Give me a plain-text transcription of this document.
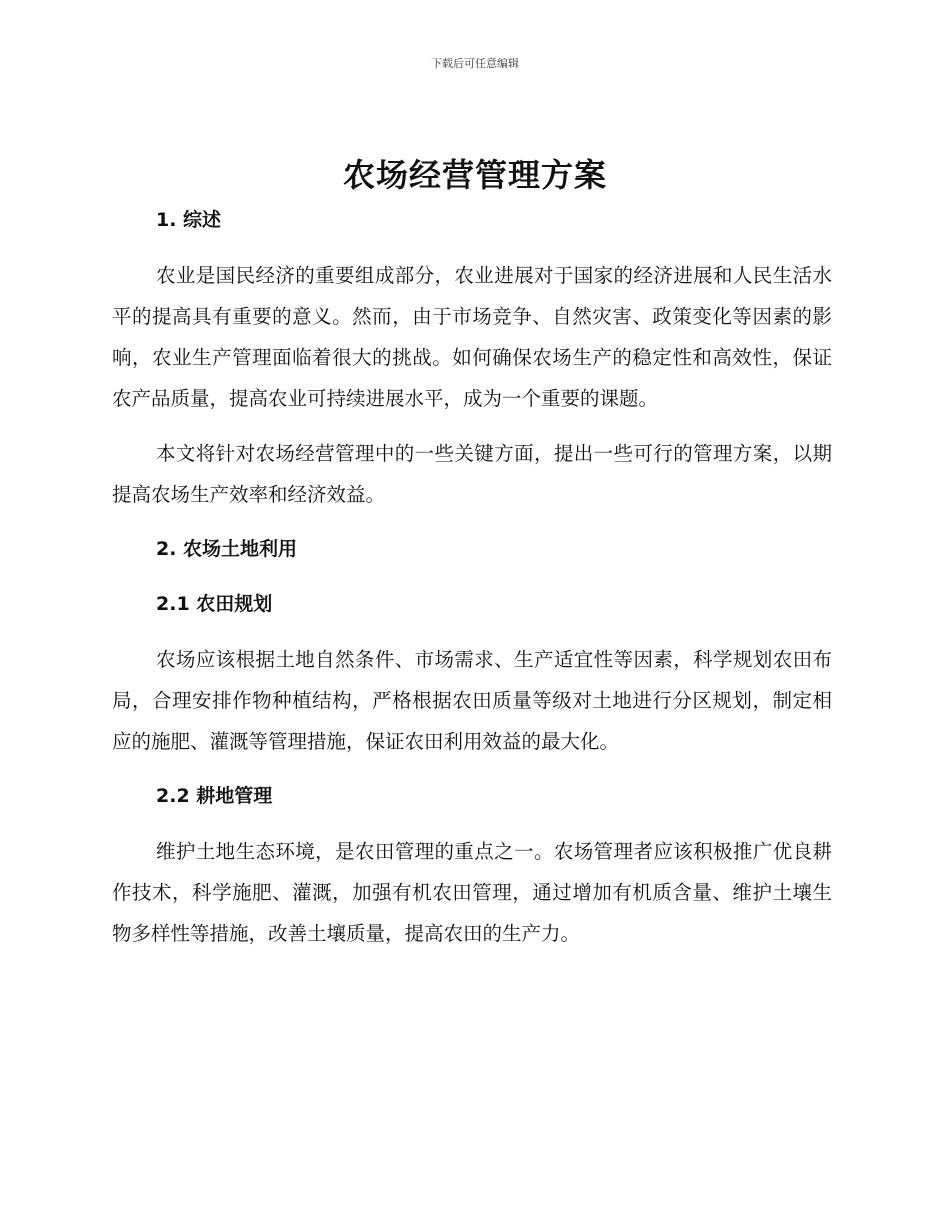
下载后可任意编辑
农场经营管理方案
1. 综述

农业是国民经济的重要组成部分，农业进展对于国家的经济进展和人民生活水平的提高具有重要的意义。然而，由于市场竞争、自然灾害、政策变化等因素的影响，农业生产管理面临着很大的挑战。如何确保农场生产的稳定性和高效性，保证农产品质量，提高农业可持续进展水平，成为一个重要的课题。

本文将针对农场经营管理中的一些关键方面，提出一些可行的管理方案，以期提高农场生产效率和经济效益。

2. 农场土地利用
2.1 农田规划

农场应该根据土地自然条件、市场需求、生产适宜性等因素，科学规划农田布局，合理安排作物种植结构，严格根据农田质量等级对土地进行分区规划，制定相应的施肥、灌溉等管理措施，保证农田利用效益的最大化。

2.2 耕地管理

维护土地生态环境，是农田管理的重点之一。农场管理者应该积极推广优良耕作技术，科学施肥、灌溉，加强有机农田管理，通过增加有机质含量、维护土壤生物多样性等措施，改善土壤质量，提高农田的生产力。
